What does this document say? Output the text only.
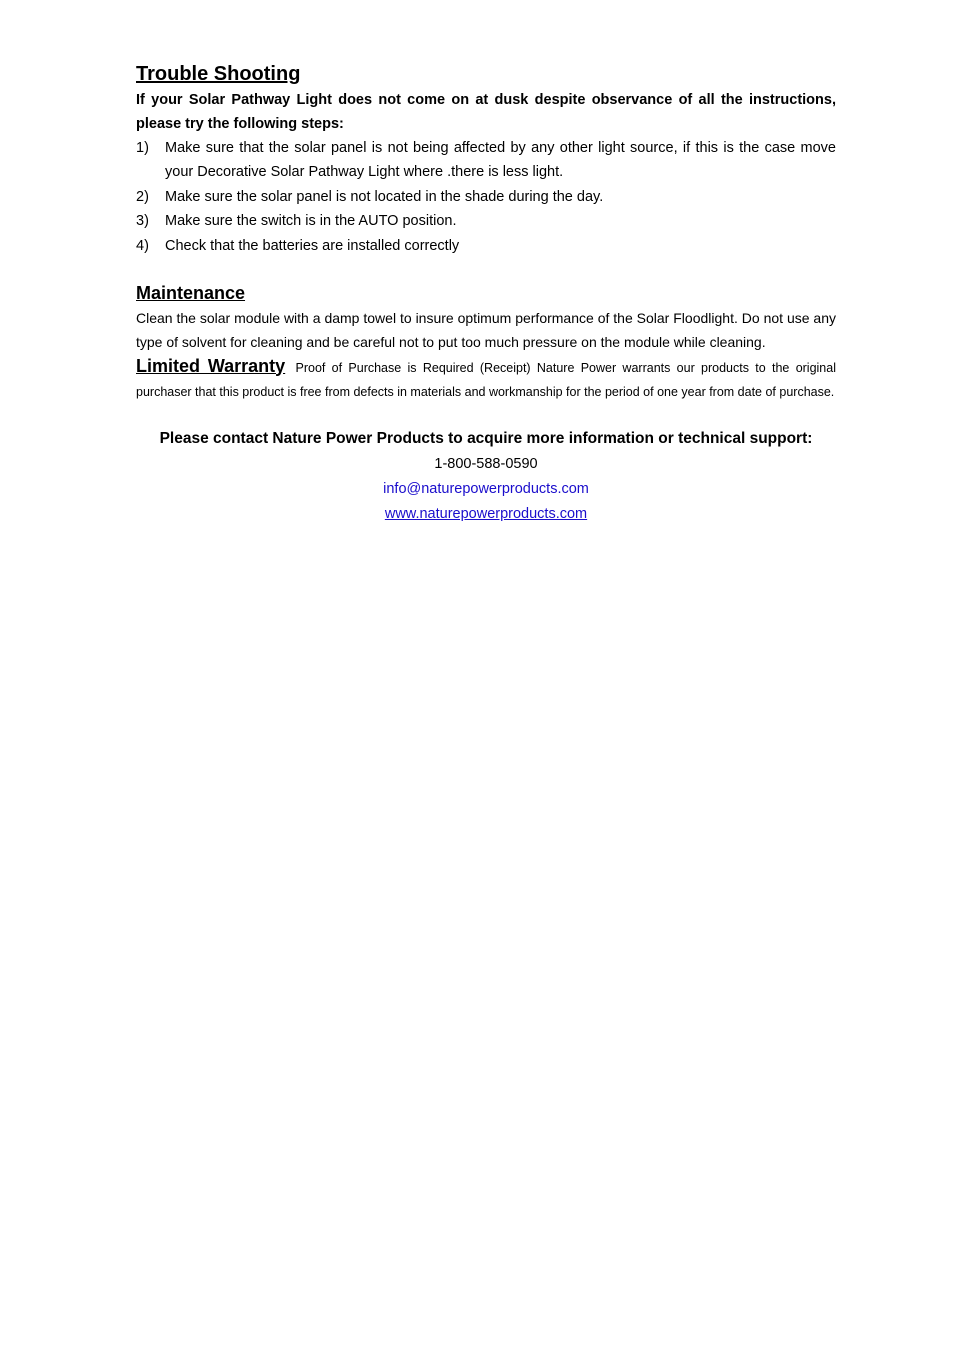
Trouble Shooting

If your Solar Pathway Light does not come on at dusk despite observance of all the instructions, please try the following steps:

1)	Make sure that the solar panel is not being affected by any other light source, if this is the case move your Decorative Solar Pathway Light where .there is less light.
2)	Make sure the solar panel is not located in the shade during the day.
3)	Make sure the switch is in the AUTO position.
4)	Check that the batteries are installed correctly
Maintenance

Clean the solar module with a damp towel to insure optimum performance of the Solar Floodlight. Do not use any type of solvent for cleaning and be careful not to put too much pressure on the module while cleaning.

Limited Warranty Proof of Purchase is Required (Receipt) Nature Power warrants our products to the original purchaser that this product is free from defects in materials and workmanship for the period of one year from date of purchase.

Please contact Nature Power Products to acquire more information or technical support:

1-800-588-0590

info@naturepowerproducts.com

www.naturepowerproducts.com
